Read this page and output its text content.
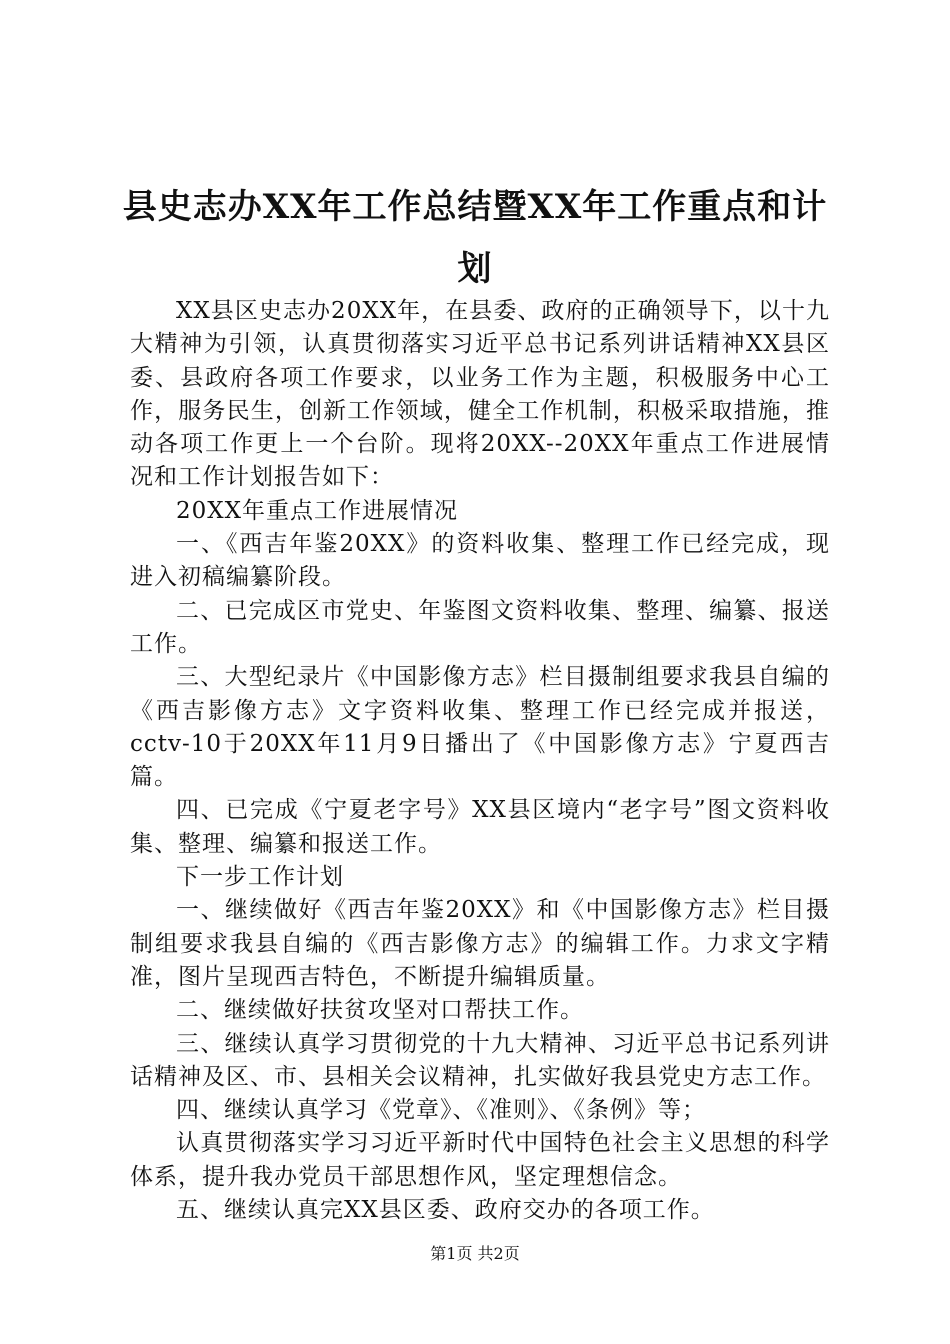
县史志办XX年工作总结暨XX年工作重点和计划

XX县区史志办20XX年，在县委、政府的正确领导下，以十九大精神为引领，认真贯彻落实习近平总书记系列讲话精神XX县区委、县政府各项工作要求，以业务工作为主题，积极服务中心工作，服务民生，创新工作领域，健全工作机制，积极采取措施，推动各项工作更上一个台阶。现将20XX--20XX年重点工作进展情况和工作计划报告如下：

20XX年重点工作进展情况

一、《西吉年鉴20XX》的资料收集、整理工作已经完成，现进入初稿编纂阶段。

二、已完成区市党史、年鉴图文资料收集、整理、编纂、报送工作。

三、大型纪录片《中国影像方志》栏目摄制组要求我县自编的《西吉影像方志》文字资料收集、整理工作已经完成并报送，cctv-10于20XX年11月9日播出了《中国影像方志》宁夏西吉篇。

四、已完成《宁夏老字号》XX县区境内“老字号”图文资料收集、整理、编纂和报送工作。

下一步工作计划

一、继续做好《西吉年鉴20XX》和《中国影像方志》栏目摄制组要求我县自编的《西吉影像方志》的编辑工作。力求文字精准，图片呈现西吉特色，不断提升编辑质量。

二、继续做好扶贫攻坚对口帮扶工作。

三、继续认真学习贯彻党的十九大精神、习近平总书记系列讲话精神及区、市、县相关会议精神，扎实做好我县党史方志工作。

四、继续认真学习《党章》、《准则》、《条例》等；

认真贯彻落实学习习近平新时代中国特色社会主义思想的科学体系，提升我办党员干部思想作风，坚定理想信念。

五、继续认真完XX县区委、政府交办的各项工作。

第1页 共2页
